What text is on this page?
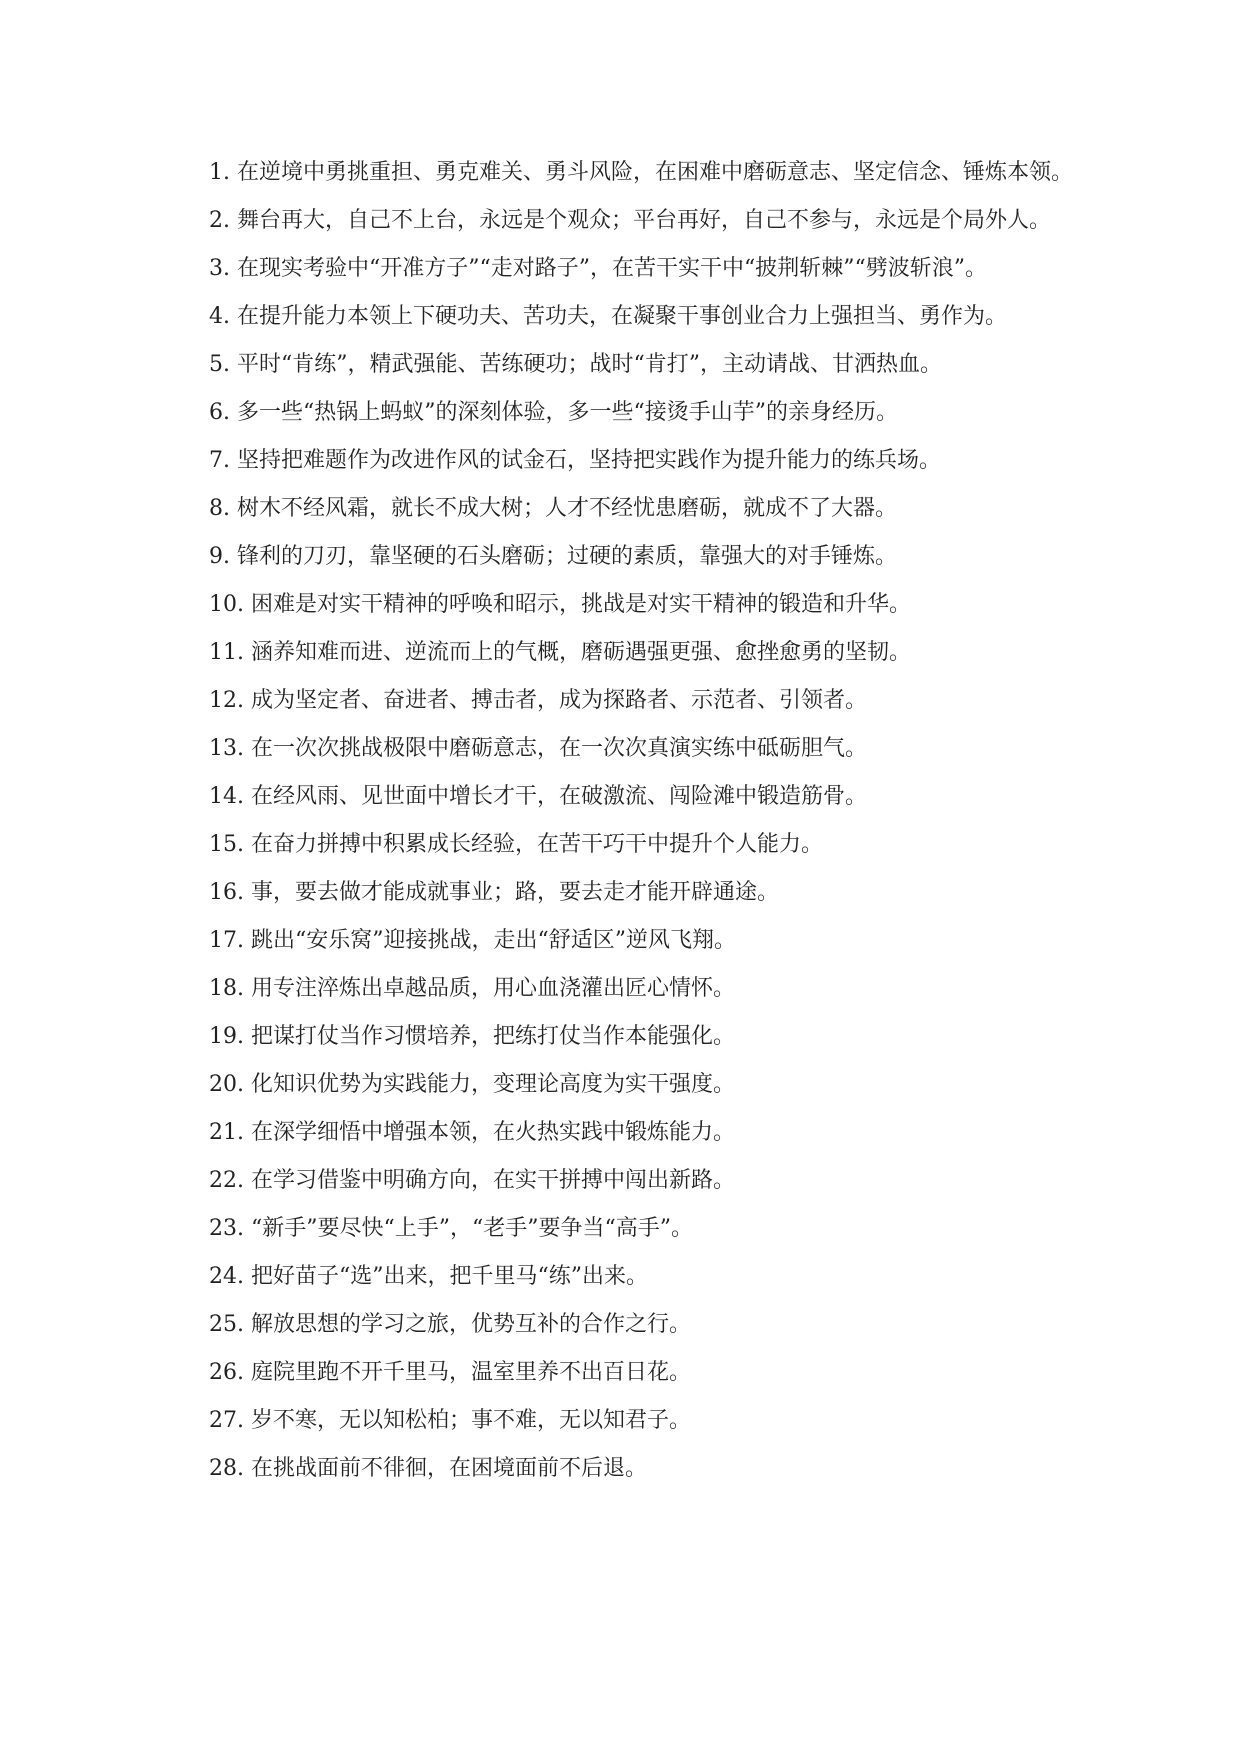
1. 在逆境中勇挑重担、勇克难关、勇斗风险，在困难中磨砺意志、坚定信念、锤炼本领。

2. 舞台再大，自己不上台，永远是个观众；平台再好，自己不参与，永远是个局外人。

3. 在现实考验中“开准方子”“走对路子”，在苦干实干中“披荆斩棘”“劈波斩浪”。

4. 在提升能力本领上下硬功夫、苦功夫，在凝聚干事创业合力上强担当、勇作为。

5. 平时“肯练”，精武强能、苦练硬功；战时“肯打”，主动请战、甘洒热血。

6. 多一些“热锅上蚂蚁”的深刻体验，多一些“接烫手山芋”的亲身经历。

7. 坚持把难题作为改进作风的试金石，坚持把实践作为提升能力的练兵场。

8. 树木不经风霜，就长不成大树；人才不经忧患磨砺，就成不了大器。

9. 锋利的刀刃，靠坚硬的石头磨砺；过硬的素质，靠强大的对手锤炼。

10. 困难是对实干精神的呼唤和昭示，挑战是对实干精神的锻造和升华。

11. 涵养知难而进、逆流而上的气概，磨砺遇强更强、愈挫愈勇的坚韧。

12. 成为坚定者、奋进者、搏击者，成为探路者、示范者、引领者。

13. 在一次次挑战极限中磨砺意志，在一次次真演实练中砥砺胆气。

14. 在经风雨、见世面中增长才干，在破激流、闯险滩中锻造筋骨。

15. 在奋力拼搏中积累成长经验，在苦干巧干中提升个人能力。

16. 事，要去做才能成就事业；路，要去走才能开辟通途。

17. 跳出“安乐窝”迎接挑战，走出“舒适区”逆风飞翔。

18. 用专注淬炼出卓越品质，用心血浇灌出匠心情怀。

19. 把谋打仗当作习惯培养，把练打仗当作本能强化。

20. 化知识优势为实践能力，变理论高度为实干强度。

21. 在深学细悟中增强本领，在火热实践中锻炼能力。

22. 在学习借鉴中明确方向，在实干拼搏中闯出新路。

23. “新手”要尽快“上手”，“老手”要争当“高手”。

24. 把好苗子“选”出来，把千里马“练”出来。

25. 解放思想的学习之旅，优势互补的合作之行。

26. 庭院里跑不开千里马，温室里养不出百日花。

27. 岁不寒，无以知松柏；事不难，无以知君子。

28. 在挑战面前不徘徊，在困境面前不后退。
